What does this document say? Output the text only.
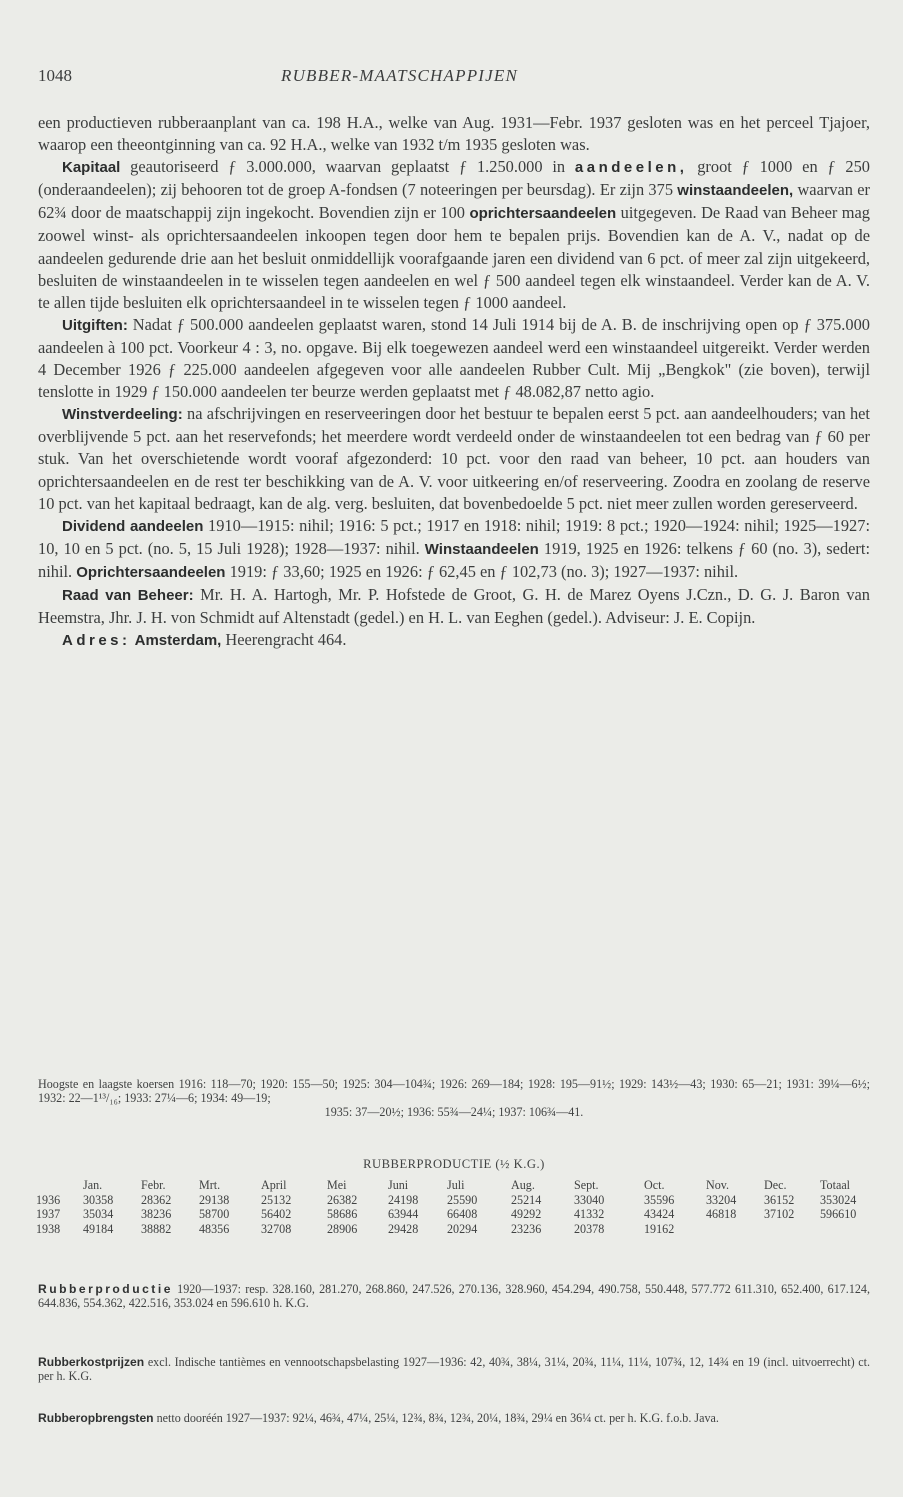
1048	RUBBER-MAATSCHAPPIJEN

een productieven rubberaanplant van ca. 198 H.A., welke van Aug. 1931—Febr. 1937 gesloten was en het perceel Tjajoer, waarop een theeontginning van ca. 92 H.A., welke van 1932 t/m 1935 gesloten was.

Kapitaal geautoriseerd ƒ 3.000.000, waarvan geplaatst ƒ 1.250.000 in aandeelen, groot ƒ 1000 en ƒ 250 (onderaandeelen); zij behooren tot de groep A-fondsen (7 noteeringen per beursdag). Er zijn 375 winstaandeelen, waarvan er 62¾ door de maatschappij zijn ingekocht. Bovendien zijn er 100 oprichtersaandeelen uitgegeven. De Raad van Beheer mag zoowel winst- als oprichtersaandeelen inkoopen tegen door hem te bepalen prijs. Bovendien kan de A. V., nadat op de aandeelen gedurende drie aan het besluit onmiddellijk voorafgaande jaren een dividend van 6 pct. of meer zal zijn uitgekeerd, besluiten de winstaandeelen in te wisselen tegen aandeelen en wel ƒ 500 aandeel tegen elk winstaandeel. Verder kan de A. V. te allen tijde besluiten elk oprichtersaandeel in te wisselen tegen ƒ 1000 aandeel.

Uitgiften: Nadat ƒ 500.000 aandeelen geplaatst waren, stond 14 Juli 1914 bij de A. B. de inschrijving open op ƒ 375.000 aandeelen à 100 pct. Voorkeur 4 : 3, no. opgave. Bij elk toegewezen aandeel werd een winstaandeel uitgereikt. Verder werden 4 December 1926 ƒ 225.000 aandeelen afgegeven voor alle aandeelen Rubber Cult. Mij „Bengkok" (zie boven), terwijl tenslotte in 1929 ƒ 150.000 aandeelen ter beurze werden geplaatst met ƒ 48.082,87 netto agio.

Winstverdeeling: na afschrijvingen en reserveeringen door het bestuur te bepalen eerst 5 pct. aan aandeelhouders; van het overblijvende 5 pct. aan het reservefonds; het meerdere wordt verdeeld onder de winstaandeelen tot een bedrag van ƒ 60 per stuk. Van het overschietende wordt vooraf afgezonderd: 10 pct. voor den raad van beheer, 10 pct. aan houders van oprichtersaandeelen en de rest ter beschikking van de A. V. voor uitkeering en/of reserveering. Zoodra en zoolang de reserve 10 pct. van het kapitaal bedraagt, kan de alg. verg. besluiten, dat bovenbedoelde 5 pct. niet meer zullen worden gereserveerd.

Dividend aandeelen 1910—1915: nihil; 1916: 5 pct.; 1917 en 1918: nihil; 1919: 8 pct.; 1920—1924: nihil; 1925—1927: 10, 10 en 5 pct. (no. 5, 15 Juli 1928); 1928—1937: nihil. Winstaandeelen 1919, 1925 en 1926: telkens ƒ 60 (no. 3), sedert: nihil. Oprichtersaandeelen 1919: ƒ 33,60; 1925 en 1926: ƒ 62,45 en ƒ 102,73 (no. 3); 1927—1937: nihil.

Raad van Beheer: Mr. H. A. Hartogh, Mr. P. Hofstede de Groot, G. H. de Marez Oyens J.Czn., D. G. J. Baron van Heemstra, Jhr. J. H. von Schmidt auf Altenstadt (gedel.) en H. L. van Eeghen (gedel.). Adviseur: J. E. Copijn.

Adres: Amsterdam, Heerengracht 464.

Hoogste en laagste koersen 1916: 118—70; 1920: 155—50; 1925: 304—104¾; 1926: 269—184; 1928: 195—91½; 1929: 143½—43; 1930: 65—21; 1931: 39¼—6½; 1932: 22—1¹³/₁₆; 1933: 27¼—6; 1934: 49—19;
1935: 37—20½; 1936: 55¾—24¼; 1937: 106¾—41.
RUBBERPRODUCTIE (½ K.G.)
	Jan.	Febr.	Mrt.	April	Mei	Juni	Juli	Aug.	Sept.	Oct.	Nov.	Dec.	Totaal
1936	30358	28362	29138	25132	26382	24198	25590	25214	33040	35596	33204	36152	353024
1937	35034	38236	58700	56402	58686	63944	66408	49292	41332	43424	46818	37102	596610
1938	49184	38882	48356	32708	28906	29428	20294	23236	20378	19162			
Rubberproductie 1920—1937: resp. 328.160, 281.270, 268.860, 247.526, 270.136, 328.960, 454.294, 490.758, 550.448, 577.772 611.310, 652.400, 617.124, 644.836, 554.362, 422.516, 353.024 en 596.610 h. K.G.
Rubberkostprijzen excl. Indische tantièmes en vennootschapsbelasting 1927—1936: 42, 40¾, 38¼, 31¼, 20¾, 11¼, 11¼, 107¾, 12, 14¾ en 19 (incl. uitvoerrecht) ct. per h. K.G.
Rubberopbrengsten netto dooréén 1927—1937: 92¼, 46¾, 47¼, 25¼, 12¾, 8¾, 12¾, 20¼, 18¾, 29¼ en 36¼ ct. per h. K.G. f.o.b. Java.
